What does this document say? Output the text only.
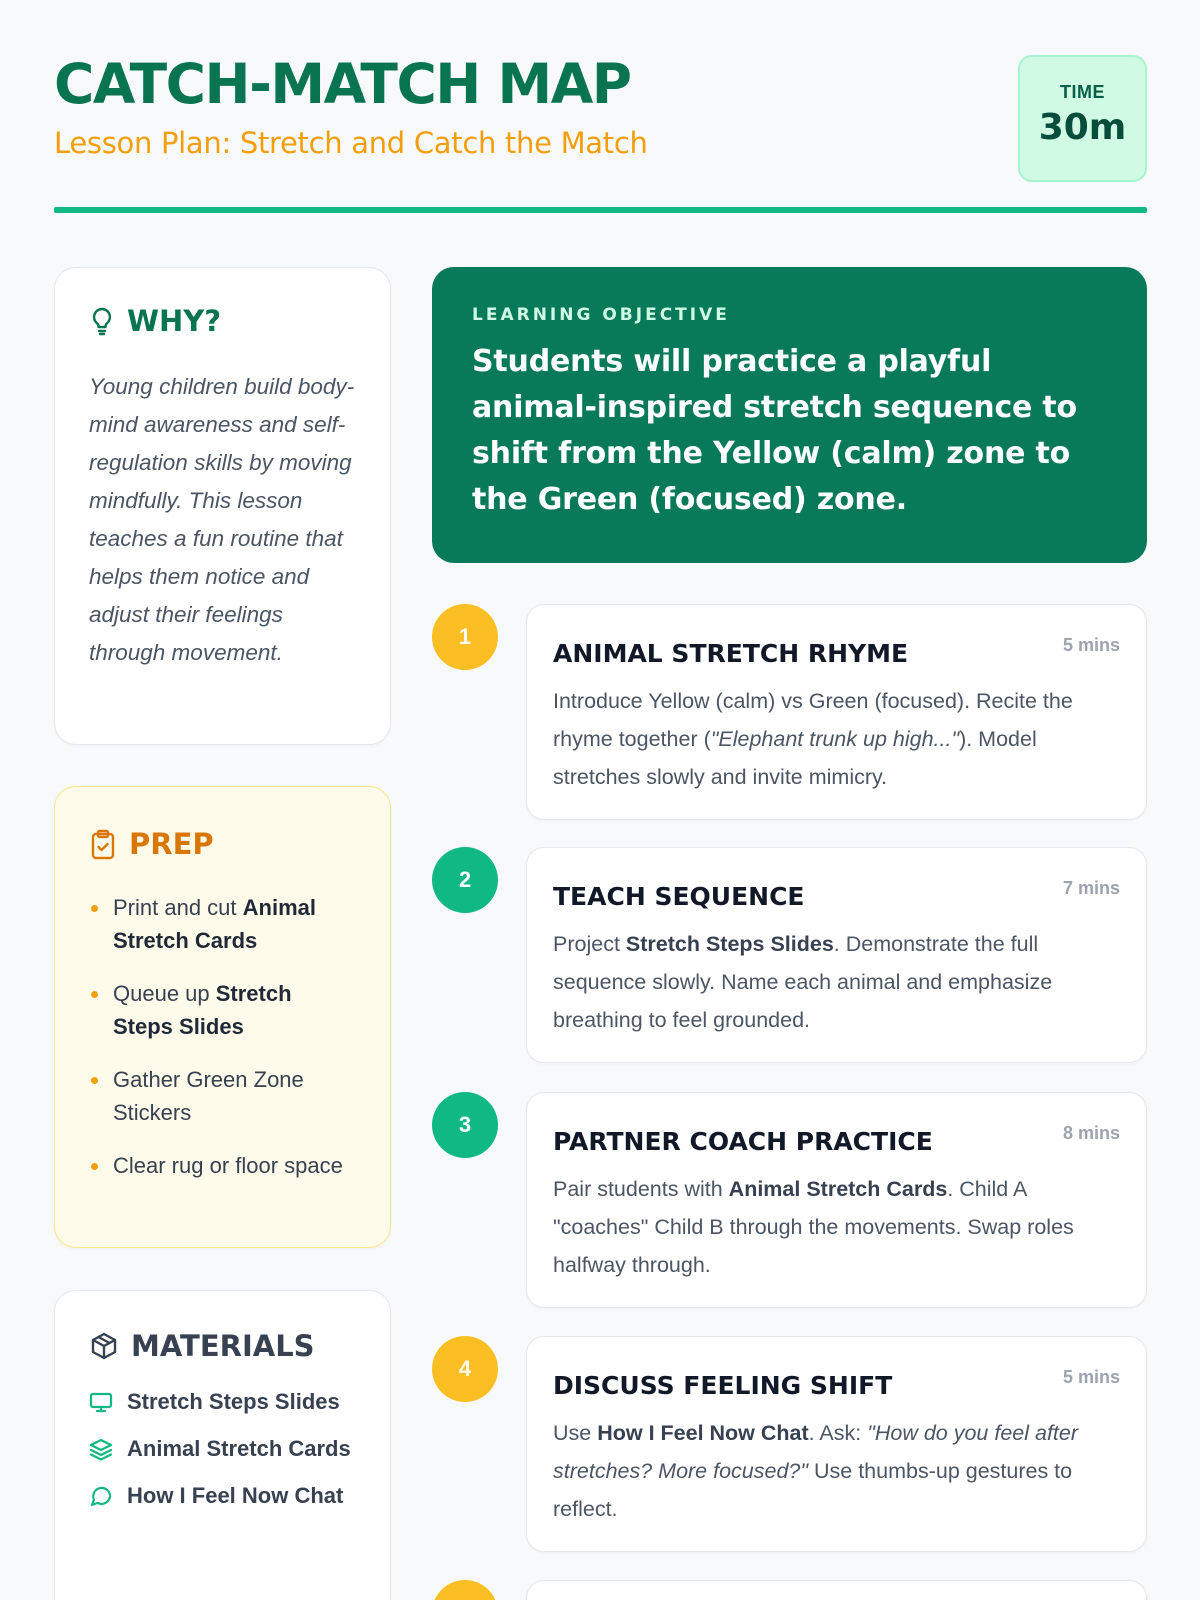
CATCH-MATCH MAP
Lesson Plan: Stretch and Catch the Match
TIME
30m
WHY?
Young children build body-mind awareness and self-regulation skills by moving mindfully. This lesson teaches a fun routine that helps them notice and adjust their feelings through movement.
PREP
Print and cut Animal Stretch Cards
Queue up Stretch Steps Slides
Gather Green Zone Stickers
Clear rug or floor space
MATERIALS
Stretch Steps Slides
Animal Stretch Cards
How I Feel Now Chat
LEARNING OBJECTIVE
Students will practice a playful animal-inspired stretch sequence to shift from the Yellow (calm) zone to the Green (focused) zone.
1
ANIMAL STRETCH RHYME	5 mins
Introduce Yellow (calm) vs Green (focused). Recite the rhyme together ("Elephant trunk up high..."). Model stretches slowly and invite mimicry.
2
TEACH SEQUENCE	7 mins
Project Stretch Steps Slides. Demonstrate the full sequence slowly. Name each animal and emphasize breathing to feel grounded.
3
PARTNER COACH PRACTICE	8 mins
Pair students with Animal Stretch Cards. Child A "coaches" Child B through the movements. Swap roles halfway through.
4
DISCUSS FEELING SHIFT	5 mins
Use How I Feel Now Chat. Ask: "How do you feel after stretches? More focused?" Use thumbs-up gestures to reflect.
